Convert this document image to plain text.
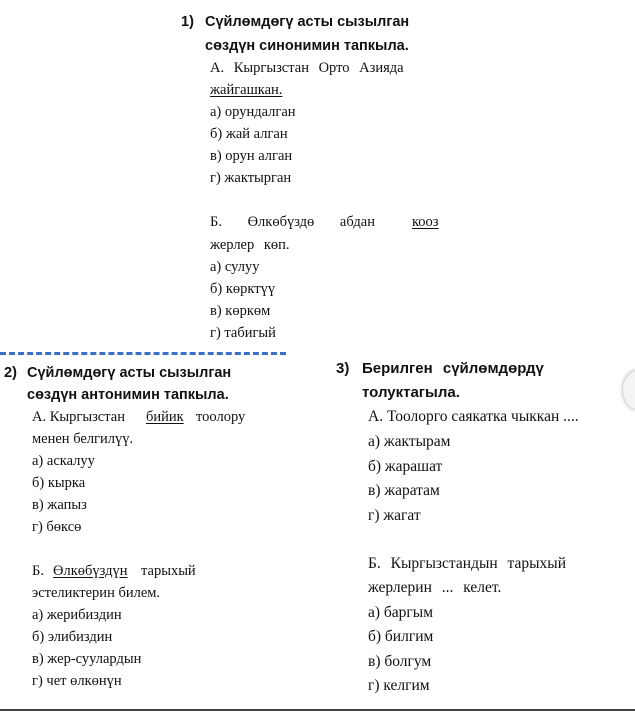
1) Сүйлөмдөгү асты сызылган
сөздүн синонимин тапкыла.
А. Кыргызстан Орто Азияда
жайгашкан.
а) орундалган
б) жай алган
в) орун алган
г) жактырган
Б. Өлкөбүздө абдан	кооз
жерлер көп.
а) сулуу
б) көрктүү
в) көркөм
г) табигый
2) Сүйлөмдөгү асты сызылган
сөздүн антонимин тапкыла.
А. Кыргызстан бийик тоолору
менен белгилүү.
а) аскалуу
б) кырка
в) жапыз
г) бөксө
Б. Өлкөбүздүн тарыхый
эстеликтерин билем.
а) жерибиздин
б) элибиздин
в) жер-суулардын
г) чет өлкөнүн
3) Берилген сүйлөмдөрдү
толуктагыла.
А. Тоолорго саякатка чыккан ....
а) жактырам
б) жарашат
в) жаратам
г) жагат
Б. Кыргызстандын тарыхый
жерлерин ... келет.
а) баргым
б) билгим
в) болгум
г) келгим
